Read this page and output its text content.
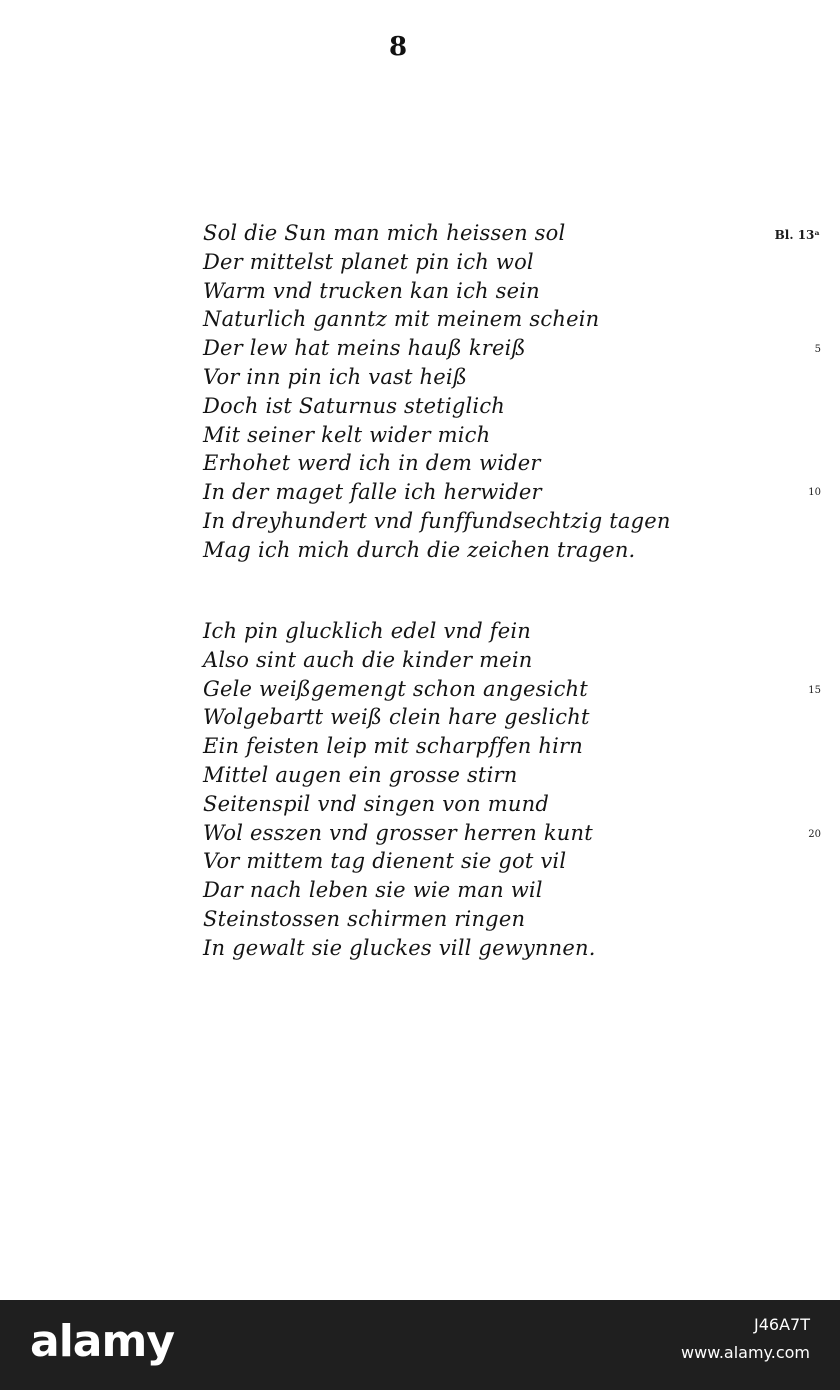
8
Bl. 13ᵃ
Sol die Sun man mich heissen sol
Der mittelst planet pin ich wol
Warm vnd trucken kan ich sein
Naturlich ganntz mit meinem schein
Der lew hat meins hauß kreiß
Vor inn pin ich vast heiß
Doch ist Saturnus stetiglich
Mit seiner kelt wider mich
Erhohet werd ich in dem wider
In der maget falle ich herwider
In dreyhundert vnd funffundsechtzig tagen
Mag ich mich durch die zeichen tragen.
Ich pin glucklich edel vnd fein
Also sint auch die kinder mein
Gele weißgemengt schon angesicht
Wolgebartt weiß clein hare geslicht
Ein feisten leip mit scharpffen hirn
Mittel augen ein grosse stirn
Seitenspil vnd singen von mund
Wol esszen vnd grosser herren kunt
Vor mittem tag dienent sie got vil
Dar nach leben sie wie man wil
Steinstossen schirmen ringen
In gewalt sie gluckes vill gewynnen.
5
10
15
20
alamy	J46A7T
www.alamy.com
